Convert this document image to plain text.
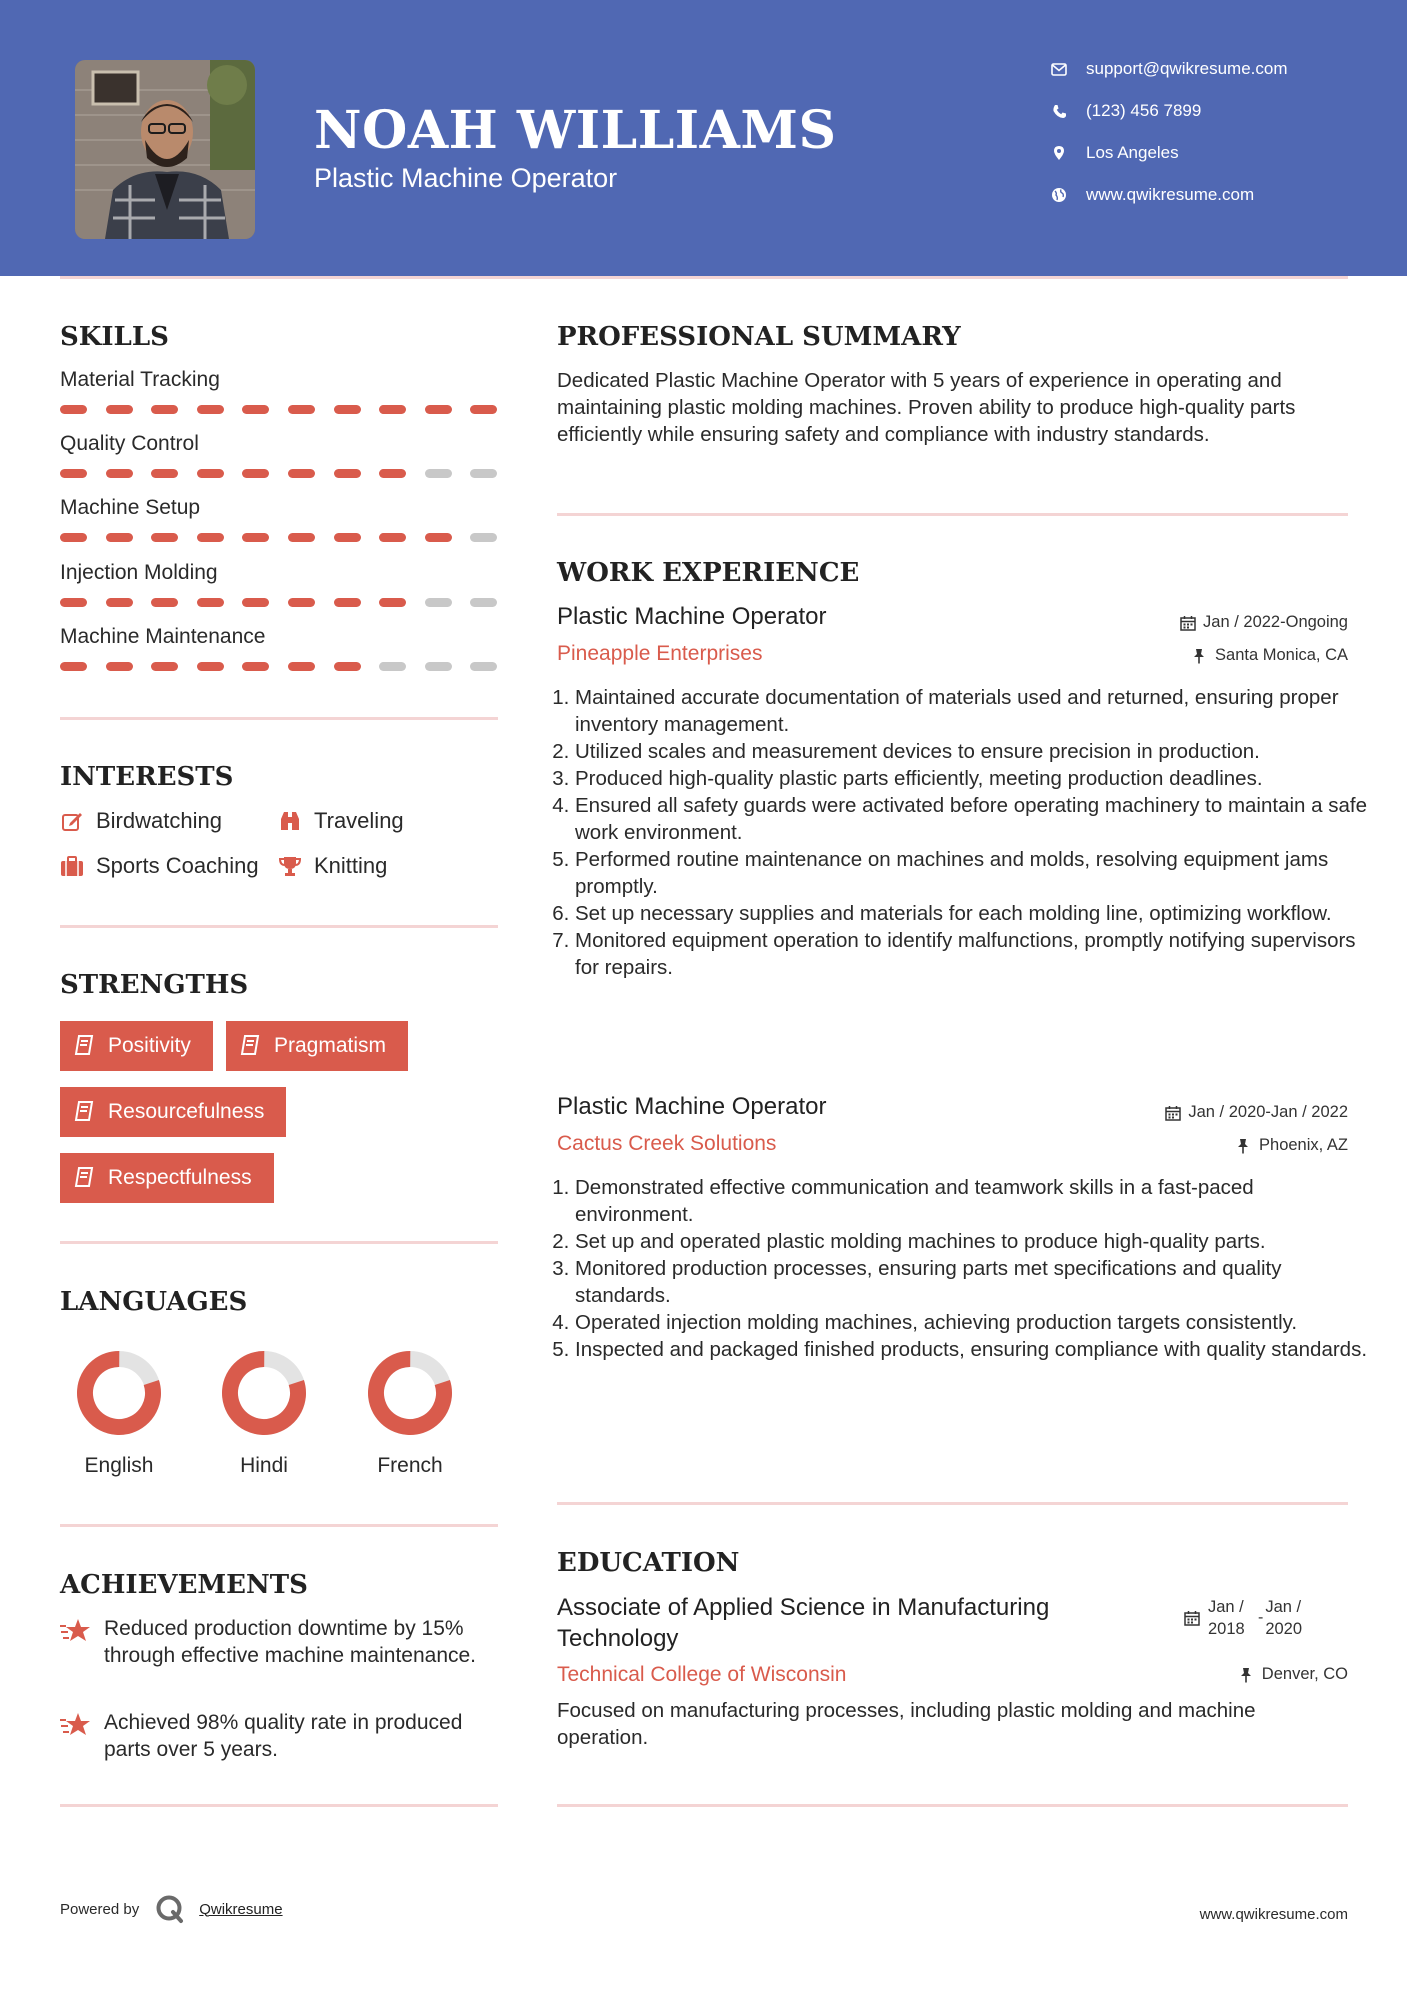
NOAH WILLIAMS
Plastic Machine Operator
support@qwikresume.com
(123) 456 7899
Los Angeles
www.qwikresume.com
SKILLS
Material Tracking
Quality Control
Machine Setup
Injection Molding
Machine Maintenance
INTERESTS
Birdwatching	Traveling
Sports Coaching	Knitting
STRENGTHS
Positivity	Pragmatism
Resourcefulness
Respectfulness
LANGUAGES
English	Hindi	French
ACHIEVEMENTS
Reduced production downtime by 15% through effective machine maintenance.
Achieved 98% quality rate in produced parts over 5 years.
PROFESSIONAL SUMMARY

Dedicated Plastic Machine Operator with 5 years of experience in operating and maintaining plastic molding machines. Proven ability to produce high-quality parts efficiently while ensuring safety and compliance with industry standards.

WORK EXPERIENCE
Plastic Machine Operator	Jan / 2022-Ongoing
Pineapple Enterprises	Santa Monica, CA
1. Maintained accurate documentation of materials used and returned, ensuring proper inventory management.
2. Utilized scales and measurement devices to ensure precision in production.
3. Produced high-quality plastic parts efficiently, meeting production deadlines.
4. Ensured all safety guards were activated before operating machinery to maintain a safe work environment.
5. Performed routine maintenance on machines and molds, resolving equipment jams promptly.
6. Set up necessary supplies and materials for each molding line, optimizing workflow.
7. Monitored equipment operation to identify malfunctions, promptly notifying supervisors for repairs.
Plastic Machine Operator	Jan / 2020-Jan / 2022
Cactus Creek Solutions	Phoenix, AZ
1. Demonstrated effective communication and teamwork skills in a fast-paced environment.
2. Set up and operated plastic molding machines to produce high-quality parts.
3. Monitored production processes, ensuring parts met specifications and quality standards.
4. Operated injection molding machines, achieving production targets consistently.
5. Inspected and packaged finished products, ensuring compliance with quality standards.
EDUCATION
Associate of Applied Science in Manufacturing Technology
Jan / 2018
-
Jan / 2020
Technical College of Wisconsin	Denver, CO

Focused on manufacturing processes, including plastic molding and machine operation.

Powered by	Qwikresume	www.qwikresume.com
